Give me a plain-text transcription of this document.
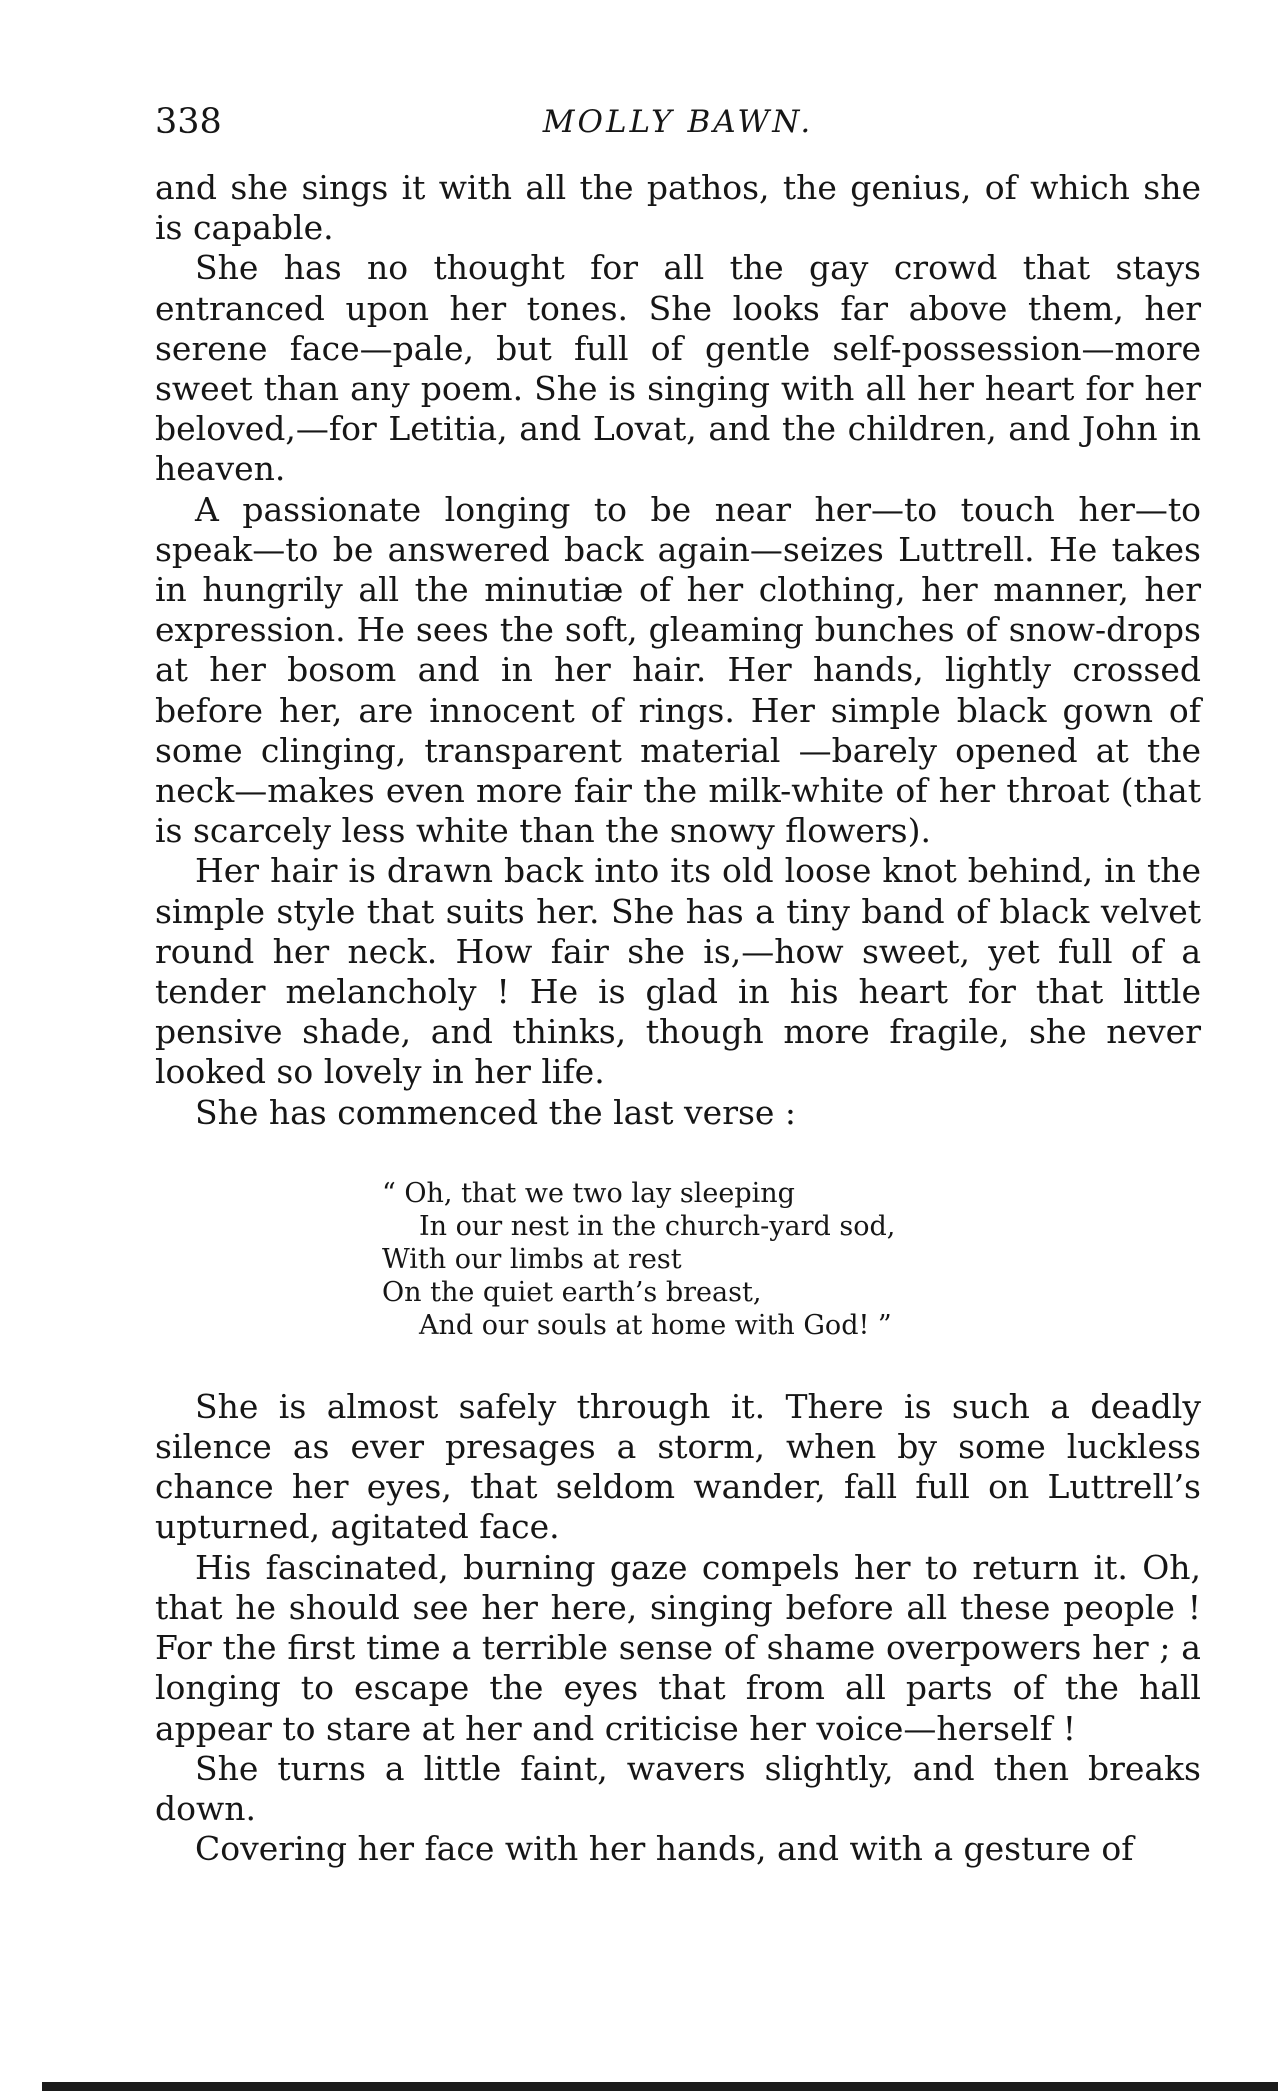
338	MOLLY BAWN.

and she sings it with all the pathos, the genius, of which she is capable.

She has no thought for all the gay crowd that stays entranced upon her tones. She looks far above them, her serene face—pale, but full of gentle self-possession—more sweet than any poem. She is singing with all her heart for her beloved,—for Letitia, and Lovat, and the children, and John in heaven.

A passionate longing to be near her—to touch her—to speak—to be answered back again—seizes Luttrell. He takes in hungrily all the minutiæ of her clothing, her manner, her expression. He sees the soft, gleaming bunches of snow-drops at her bosom and in her hair. Her hands, lightly crossed before her, are innocent of rings. Her simple black gown of some clinging, transparent material —barely opened at the neck—makes even more fair the milk-white of her throat (that is scarcely less white than the snowy flowers).

Her hair is drawn back into its old loose knot behind, in the simple style that suits her. She has a tiny band of black velvet round her neck. How fair she is,—how sweet, yet full of a tender melancholy ! He is glad in his heart for that little pensive shade, and thinks, though more fragile, she never looked so lovely in her life.

She has commenced the last verse :

“ Oh, that we two lay sleeping
In our nest in the church-yard sod,
With our limbs at rest
On the quiet earth’s breast,
And our souls at home with God! ”

She is almost safely through it. There is such a deadly silence as ever presages a storm, when by some luckless chance her eyes, that seldom wander, fall full on Luttrell’s upturned, agitated face.

His fascinated, burning gaze compels her to return it. Oh, that he should see her here, singing before all these people ! For the first time a terrible sense of shame overpowers her ; a longing to escape the eyes that from all parts of the hall appear to stare at her and criticise her voice—herself !

She turns a little faint, wavers slightly, and then breaks down.

Covering her face with her hands, and with a gesture of
